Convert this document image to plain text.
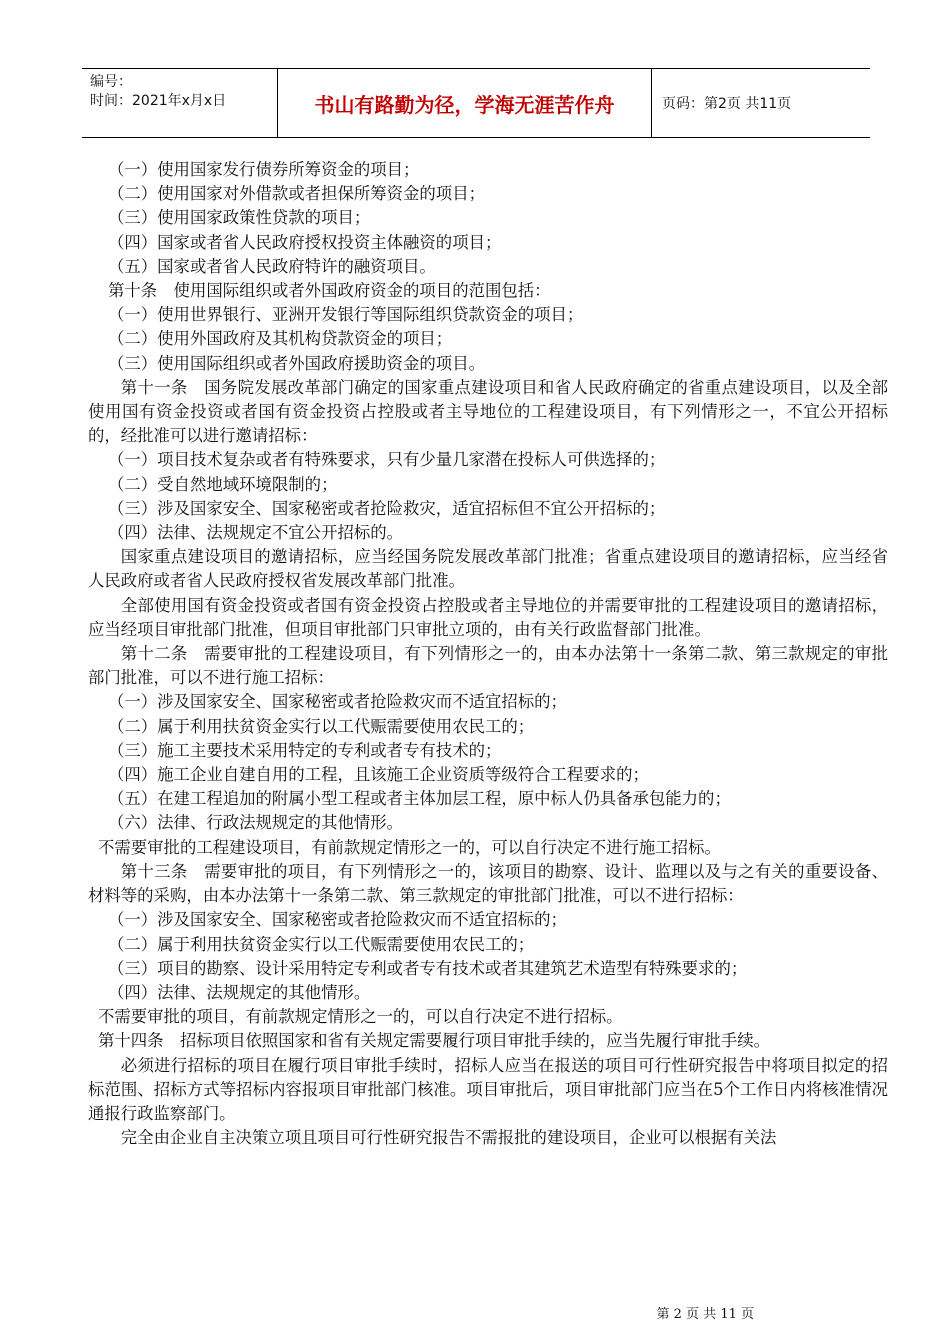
编号：
时间：2021年x月x日	书山有路勤为径，学海无涯苦作舟	页码：第2页 共11页

（一）使用国家发行债券所筹资金的项目；

（二）使用国家对外借款或者担保所筹资金的项目；

（三）使用国家政策性贷款的项目；

（四）国家或者省人民政府授权投资主体融资的项目；

（五）国家或者省人民政府特许的融资项目。

第十条　使用国际组织或者外国政府资金的项目的范围包括：

（一）使用世界银行、亚洲开发银行等国际组织贷款资金的项目；

（二）使用外国政府及其机构贷款资金的项目；

（三）使用国际组织或者外国政府援助资金的项目。

第十一条　国务院发展改革部门确定的国家重点建设项目和省人民政府确定的省重点建设项目，以及全部使用国有资金投资或者国有资金投资占控股或者主导地位的工程建设项目，有下列情形之一，不宜公开招标的，经批准可以进行邀请招标：

（一）项目技术复杂或者有特殊要求，只有少量几家潜在投标人可供选择的；

（二）受自然地域环境限制的；

（三）涉及国家安全、国家秘密或者抢险救灾，适宜招标但不宜公开招标的；

（四）法律、法规规定不宜公开招标的。

国家重点建设项目的邀请招标，应当经国务院发展改革部门批准；省重点建设项目的邀请招标，应当经省人民政府或者省人民政府授权省发展改革部门批准。

全部使用国有资金投资或者国有资金投资占控股或者主导地位的并需要审批的工程建设项目的邀请招标，应当经项目审批部门批准，但项目审批部门只审批立项的，由有关行政监督部门批准。

第十二条　需要审批的工程建设项目，有下列情形之一的，由本办法第十一条第二款、第三款规定的审批部门批准，可以不进行施工招标：

（一）涉及国家安全、国家秘密或者抢险救灾而不适宜招标的；

（二）属于利用扶贫资金实行以工代赈需要使用农民工的；

（三）施工主要技术采用特定的专利或者专有技术的；

（四）施工企业自建自用的工程，且该施工企业资质等级符合工程要求的；

（五）在建工程追加的附属小型工程或者主体加层工程，原中标人仍具备承包能力的；

（六）法律、行政法规规定的其他情形。

不需要审批的工程建设项目，有前款规定情形之一的，可以自行决定不进行施工招标。

第十三条　需要审批的项目，有下列情形之一的，该项目的勘察、设计、监理以及与之有关的重要设备、材料等的采购，由本办法第十一条第二款、第三款规定的审批部门批准，可以不进行招标：

（一）涉及国家安全、国家秘密或者抢险救灾而不适宜招标的；

（二）属于利用扶贫资金实行以工代赈需要使用农民工的；

（三）项目的勘察、设计采用特定专利或者专有技术或者其建筑艺术造型有特殊要求的；

（四）法律、法规规定的其他情形。

不需要审批的项目，有前款规定情形之一的，可以自行决定不进行招标。

第十四条　招标项目依照国家和省有关规定需要履行项目审批手续的，应当先履行审批手续。

必须进行招标的项目在履行项目审批手续时，招标人应当在报送的项目可行性研究报告中将项目拟定的招标范围、招标方式等招标内容报项目审批部门核准。项目审批后，项目审批部门应当在5个工作日内将核准情况通报行政监察部门。

完全由企业自主决策立项且项目可行性研究报告不需报批的建设项目，企业可以根据有关法

第 2 页 共 11 页
